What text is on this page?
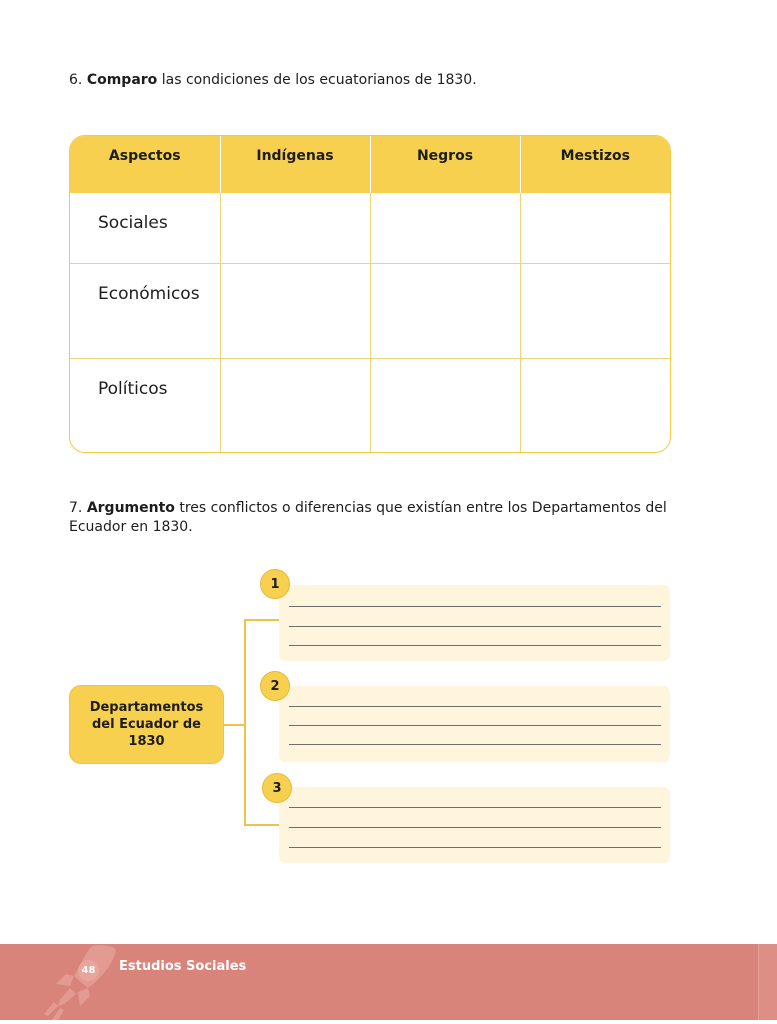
6. Comparo las condiciones de los ecuatorianos de 1830.
Aspectos	Indígenas	Negros	Mestizos
Sociales			
Económicos			
Políticos			
7. Argumento tres conflictos o diferencias que existían entre los Departamentos del Ecuador en 1830.
Departamentos del Ecuador de 1830
1
2
3
48 Estudios Sociales
